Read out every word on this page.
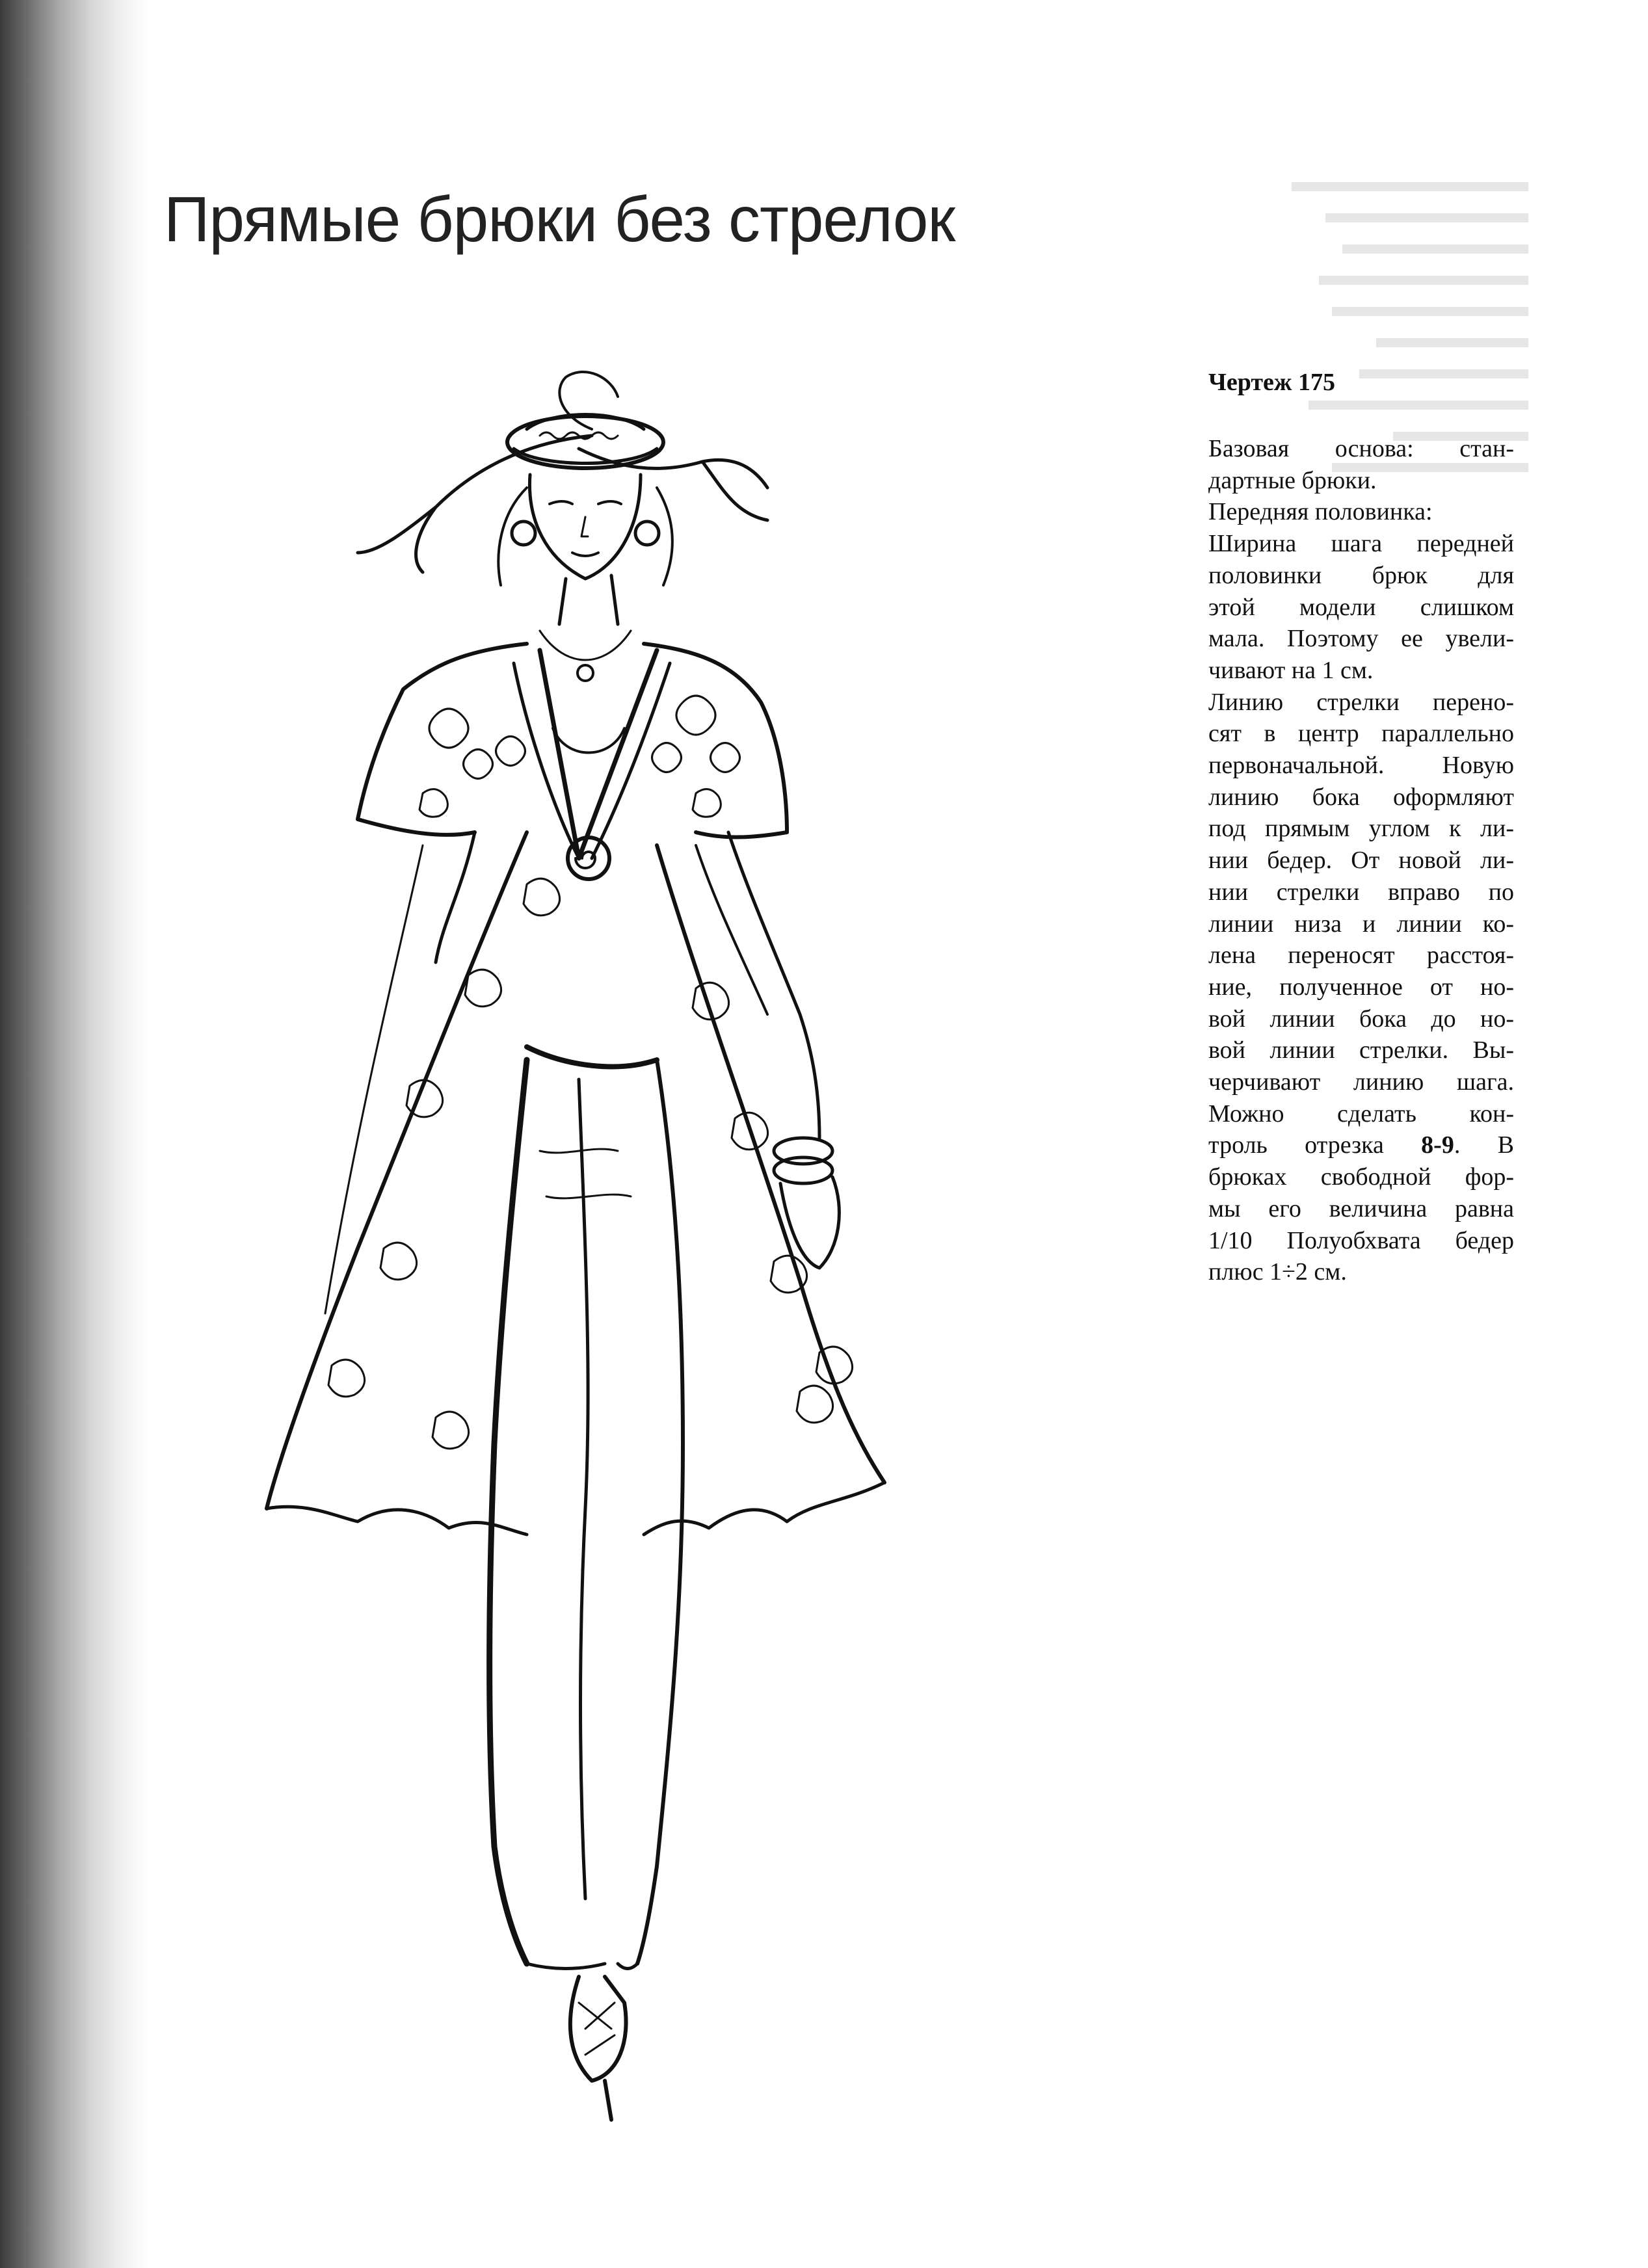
Прямые брюки без стрелок

Чертеж 175

Базовая основа: стан-
дартные брюки.
Передняя половинка:
Ширина шага передней
половинки брюк для
этой модели слишком
мала. Поэтому ее увели-
чивают на 1 см.
Линию стрелки перено-
сят в центр параллельно
первоначальной. Новую
линию бока оформляют
под прямым углом к ли-
нии бедер. От новой ли-
нии стрелки вправо по
линии низа и линии ко-
лена переносят расстоя-
ние, полученное от но-
вой линии бока до но-
вой линии стрелки. Вы-
черчивают линию шага.
Можно сделать кон-
троль отрезка 8-9. В
брюках свободной фор-
мы его величина равна
1/10 Полуобхвата бедер
плюс 1÷2 см.
